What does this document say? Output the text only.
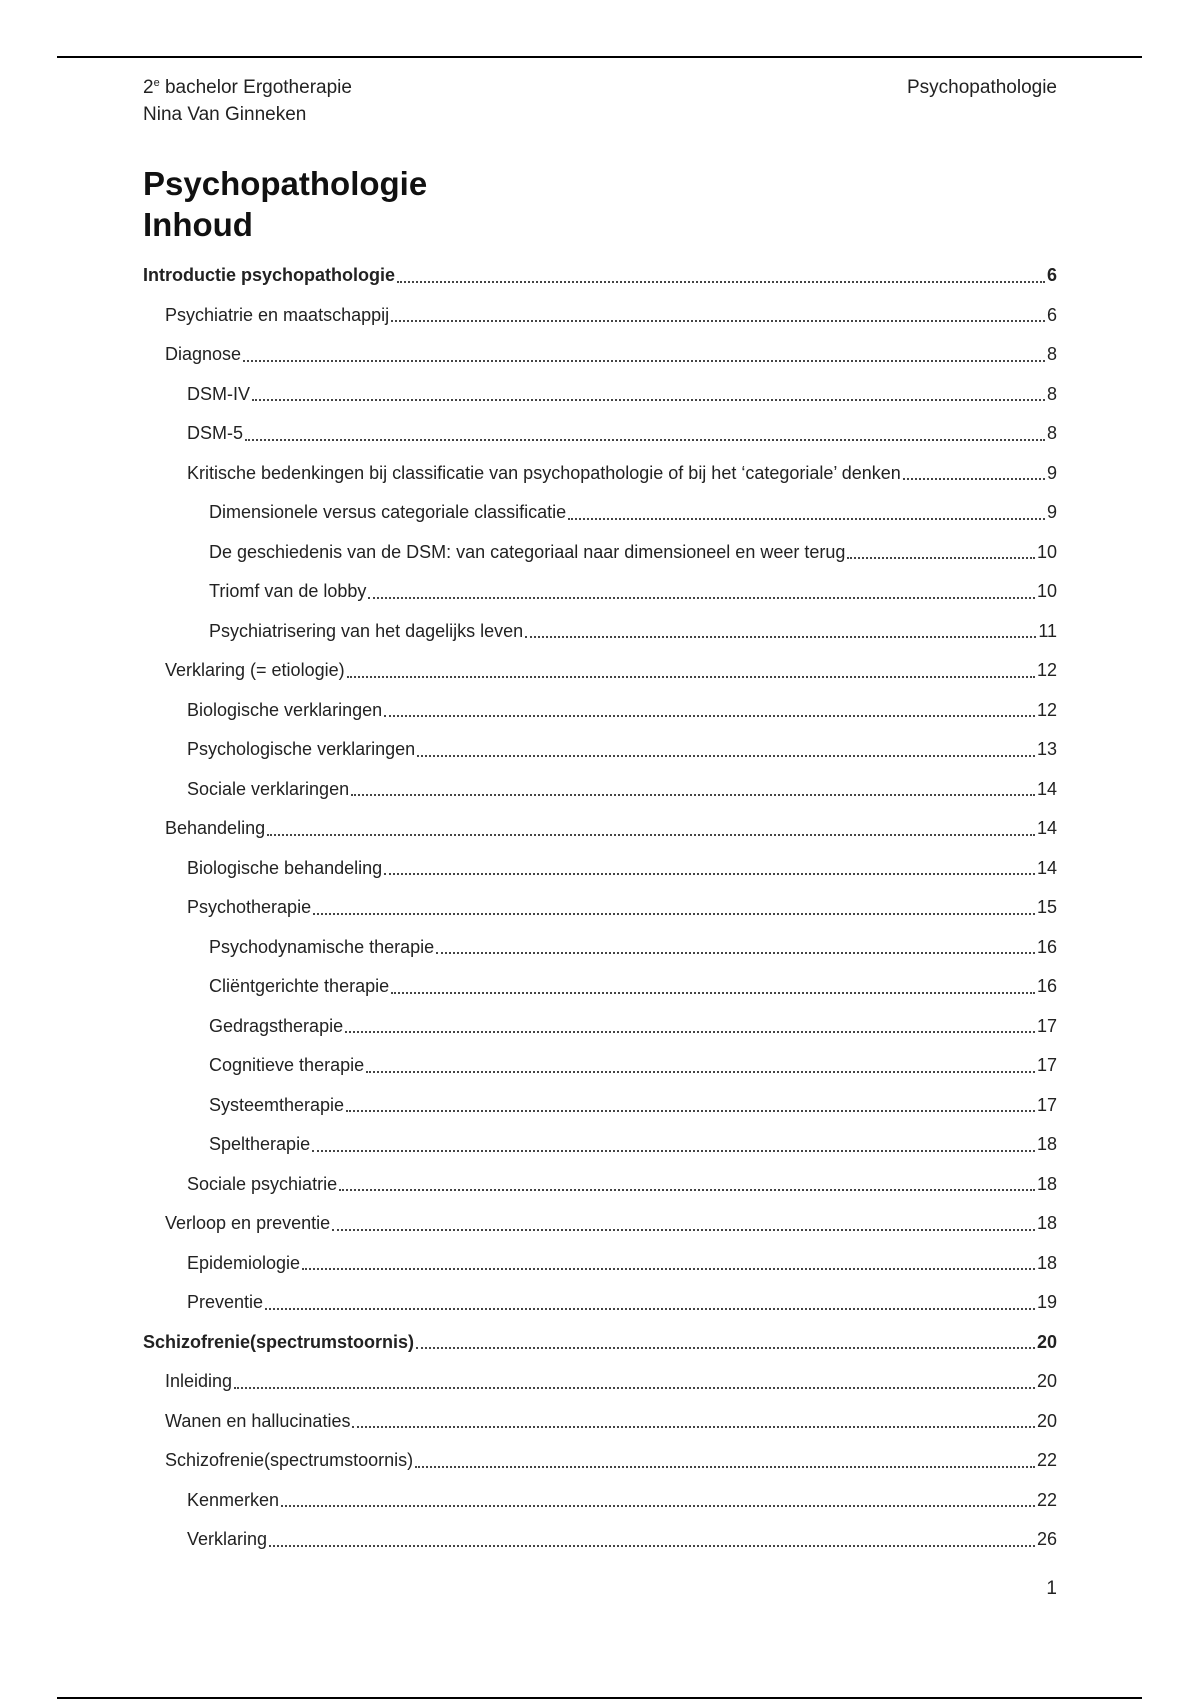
2e bachelor Ergotherapie
Nina Van Ginneken
Psychopathologie
Psychopathologie
Inhoud
Introductie psychopathologie	6
Psychiatrie en maatschappij	6
Diagnose	8
DSM-IV	8
DSM-5	8
Kritische bedenkingen bij classificatie van psychopathologie of bij het ‘categoriale’ denken	9
Dimensionele versus categoriale classificatie	9
De geschiedenis van de DSM: van categoriaal naar dimensioneel en weer terug	10
Triomf van de lobby	10
Psychiatrisering van het dagelijks leven	11
Verklaring (= etiologie)	12
Biologische verklaringen	12
Psychologische verklaringen	13
Sociale verklaringen	14
Behandeling	14
Biologische behandeling	14
Psychotherapie	15
Psychodynamische therapie	16
Cliëntgerichte therapie	16
Gedragstherapie	17
Cognitieve therapie	17
Systeemtherapie	17
Speltherapie	18
Sociale psychiatrie	18
Verloop en preventie	18
Epidemiologie	18
Preventie	19
Schizofrenie(spectrumstoornis)	20
Inleiding	20
Wanen en hallucinaties	20
Schizofrenie(spectrumstoornis)	22
Kenmerken	22
Verklaring	26
1
